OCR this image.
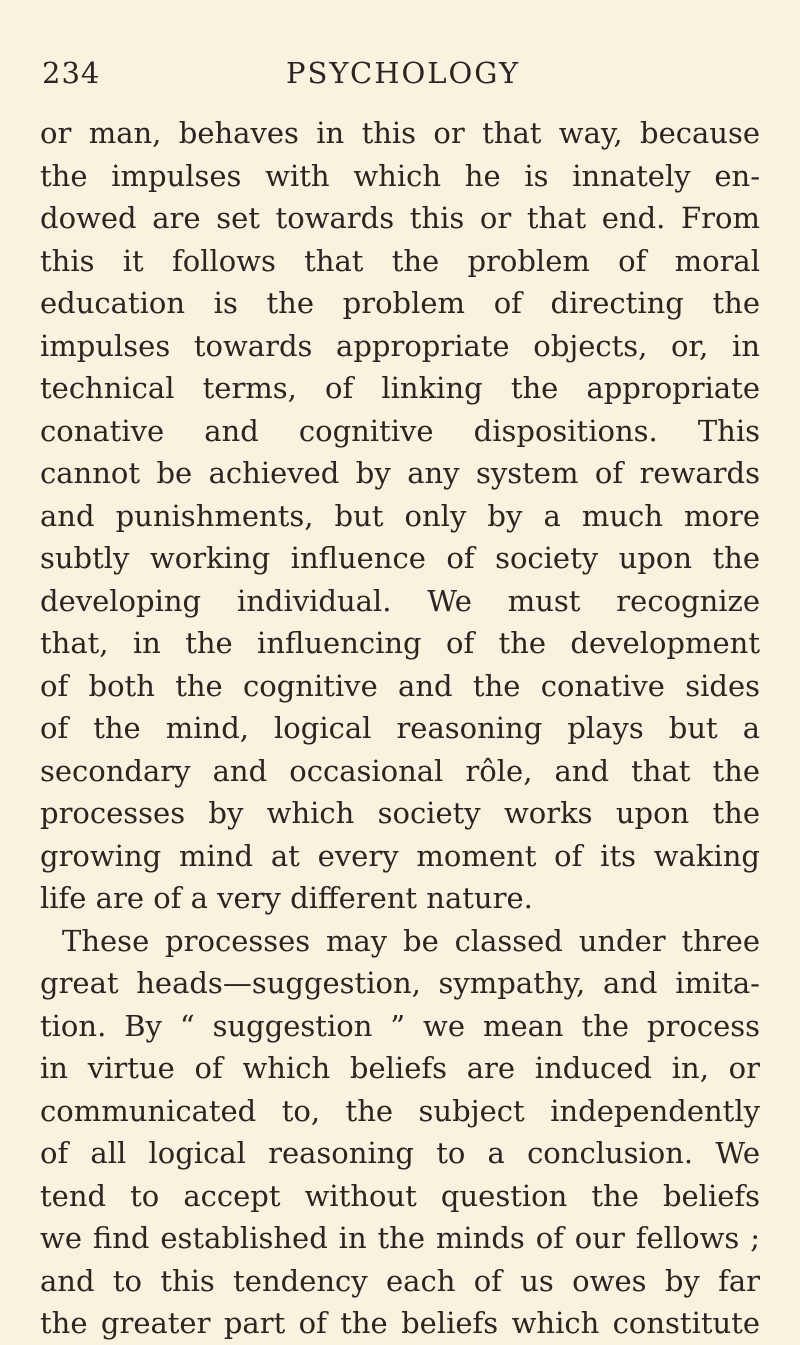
234	PSYCHOLOGY
or man, behaves in this or that way, because
the impulses with which he is innately en-
dowed are set towards this or that end. From
this it follows that the problem of moral
education is the problem of directing the
impulses towards appropriate objects, or, in
technical terms, of linking the appropriate
conative and cognitive dispositions. This
cannot be achieved by any system of rewards
and punishments, but only by a much more
subtly working influence of society upon the
developing individual. We must recognize
that, in the influencing of the development
of both the cognitive and the conative sides
of the mind, logical reasoning plays but a
secondary and occasional rôle, and that the
processes by which society works upon the
growing mind at every moment of its waking
life are of a very different nature.
These processes may be classed under three
great heads—suggestion, sympathy, and imita-
tion. By “ suggestion ” we mean the process
in virtue of which beliefs are induced in, or
communicated to, the subject independently
of all logical reasoning to a conclusion. We
tend to accept without question the beliefs
we find established in the minds of our fellows ;
and to this tendency each of us owes by far
the greater part of the beliefs which constitute
